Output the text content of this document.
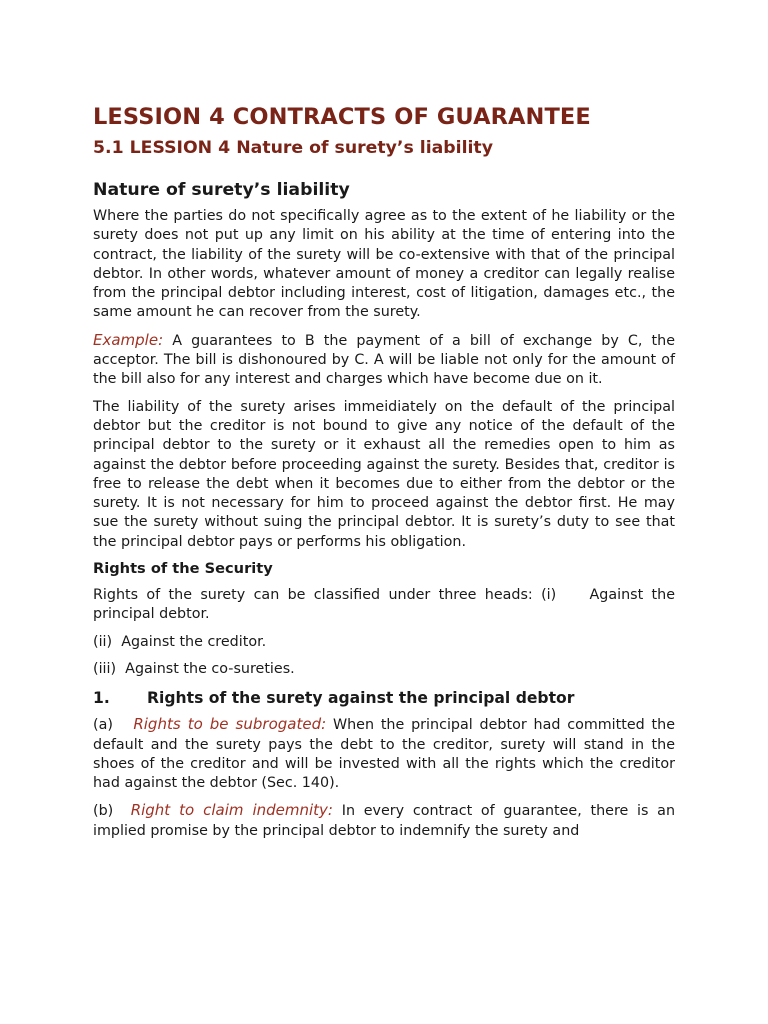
LESSION 4 CONTRACTS OF GUARANTEE
5.1 LESSION 4 Nature of surety’s liability
Nature of surety’s liability

Where the parties do not specifically agree as to the extent of he liability or the surety does not put up any limit on his ability at the time of entering into the contract, the liability of the surety will be co-extensive with that of the principal debtor. In other words, whatever amount of money a creditor can legally realise from the principal debtor including interest, cost of litigation, damages etc., the same amount he can recover from the surety.

Example: A guarantees to B the payment of a bill of exchange by C, the acceptor. The bill is dishonoured by C. A will be liable not only for the amount of the bill also for any interest and charges which have become due on it.

The liability of the surety arises immeidiately on the default of the principal debtor but the creditor is not bound to give any notice of the default of the principal debtor to the surety or it exhaust all the remedies open to him as against the debtor before proceeding against the surety. Besides that, creditor is free to release the debt when it becomes due to either from the debtor or the surety. It is not necessary for him to proceed against the debtor first. He may sue the surety without suing the principal debtor. It is surety’s duty to see that the principal debtor pays or performs his obligation.

Rights of the Security

Rights of the surety can be classified under three heads: (i)    Against the principal debtor.

(ii)  Against the creditor.
(iii)  Against the co-sureties.
1. Rights of the surety against the principal debtor

(a) Rights to be subrogated: When the principal debtor had committed the default and the surety pays the debt to the creditor, surety will stand in the shoes of the creditor and will be invested with all the rights which the creditor had against the debtor (Sec. 140).

(b) Right to claim indemnity: In every contract of guarantee, there is an implied promise by the principal debtor to indemnify the surety and
